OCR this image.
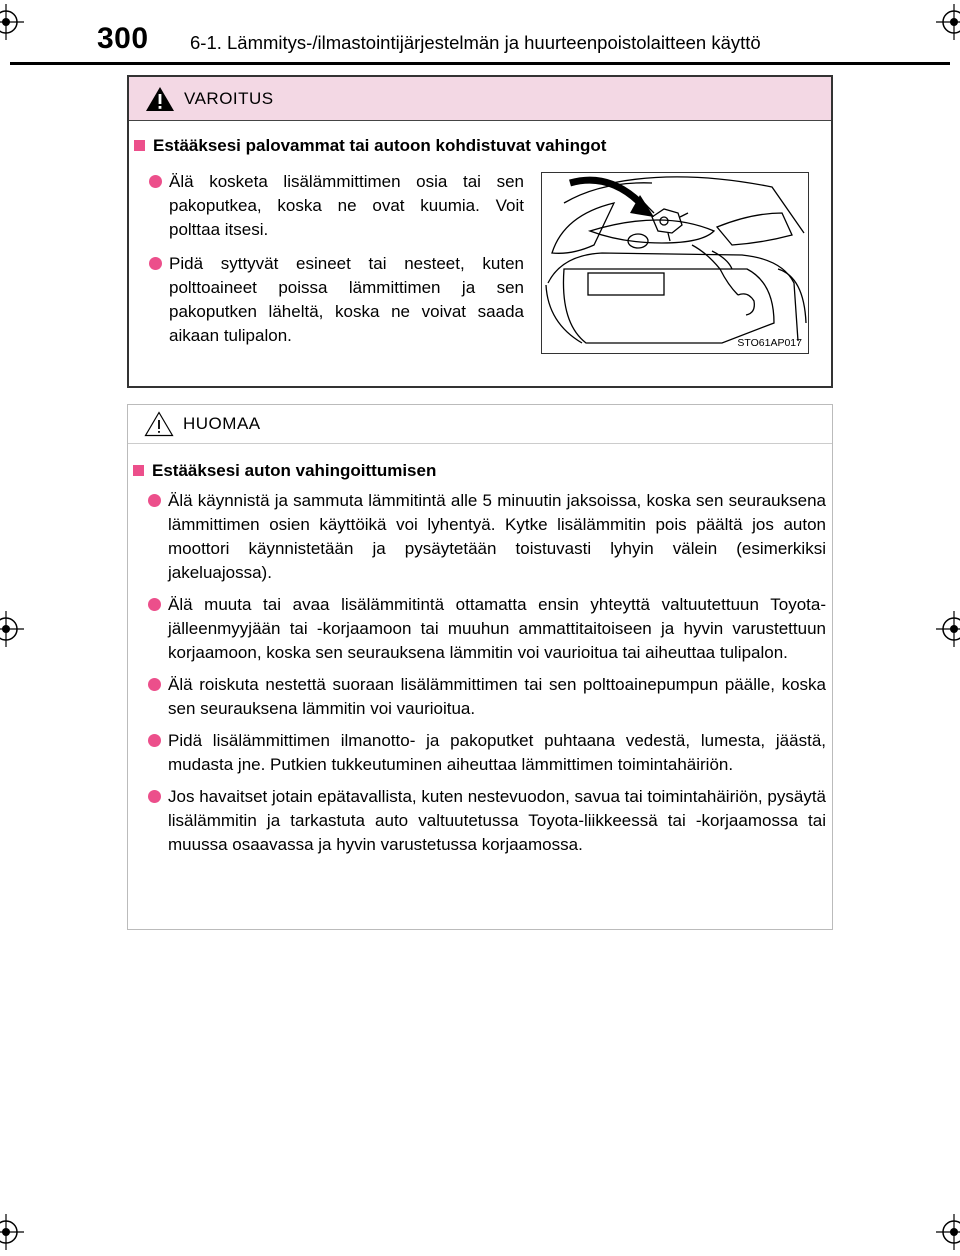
300 6-1. Lämmitys-/ilmastointijärjestelmän ja huurteenpoistolaitteen käyttö
VAROITUS
Estääksesi palovammat tai autoon kohdistuvat vahingot
Älä kosketa lisälämmittimen osia tai sen pakoputkea, koska ne ovat kuumia. Voit polttaa itsesi.
Pidä syttyvät esineet tai nesteet, kuten polttoaineet poissa lämmittimen ja sen pakoputken läheltä, koska ne voivat saada aikaan tulipalon.	STO61AP017
HUOMAA
Estääksesi auton vahingoittumisen
Älä käynnistä ja sammuta lämmitintä alle 5 minuutin jaksoissa, koska sen seurauksena lämmittimen osien käyttöikä voi lyhentyä. Kytke lisälämmitin pois päältä jos auton moottori käynnistetään ja pysäytetään toistuvasti lyhyin välein (esimerkiksi jakeluajossa).
Älä muuta tai avaa lisälämmitintä ottamatta ensin yhteyttä valtuutettuun Toyota-jälleenmyyjään tai -korjaamoon tai muuhun ammattitaitoiseen ja hyvin varustettuun korjaamoon, koska sen seurauksena lämmitin voi vaurioitua tai aiheuttaa tulipalon.
Älä roiskuta nestettä suoraan lisälämmittimen tai sen polttoainepumpun päälle, koska sen seurauksena lämmitin voi vaurioitua.
Pidä lisälämmittimen ilmanotto- ja pakoputket puhtaana vedestä, lumesta, jäästä, mudasta jne. Putkien tukkeutuminen aiheuttaa lämmittimen toimintahäiriön.
Jos havaitset jotain epätavallista, kuten nestevuodon, savua tai toimintahäiriön, pysäytä lisälämmitin ja tarkastuta auto valtuutetussa Toyota-liikkeessä tai -korjaamossa tai muussa osaavassa ja hyvin varustetussa korjaamossa.
